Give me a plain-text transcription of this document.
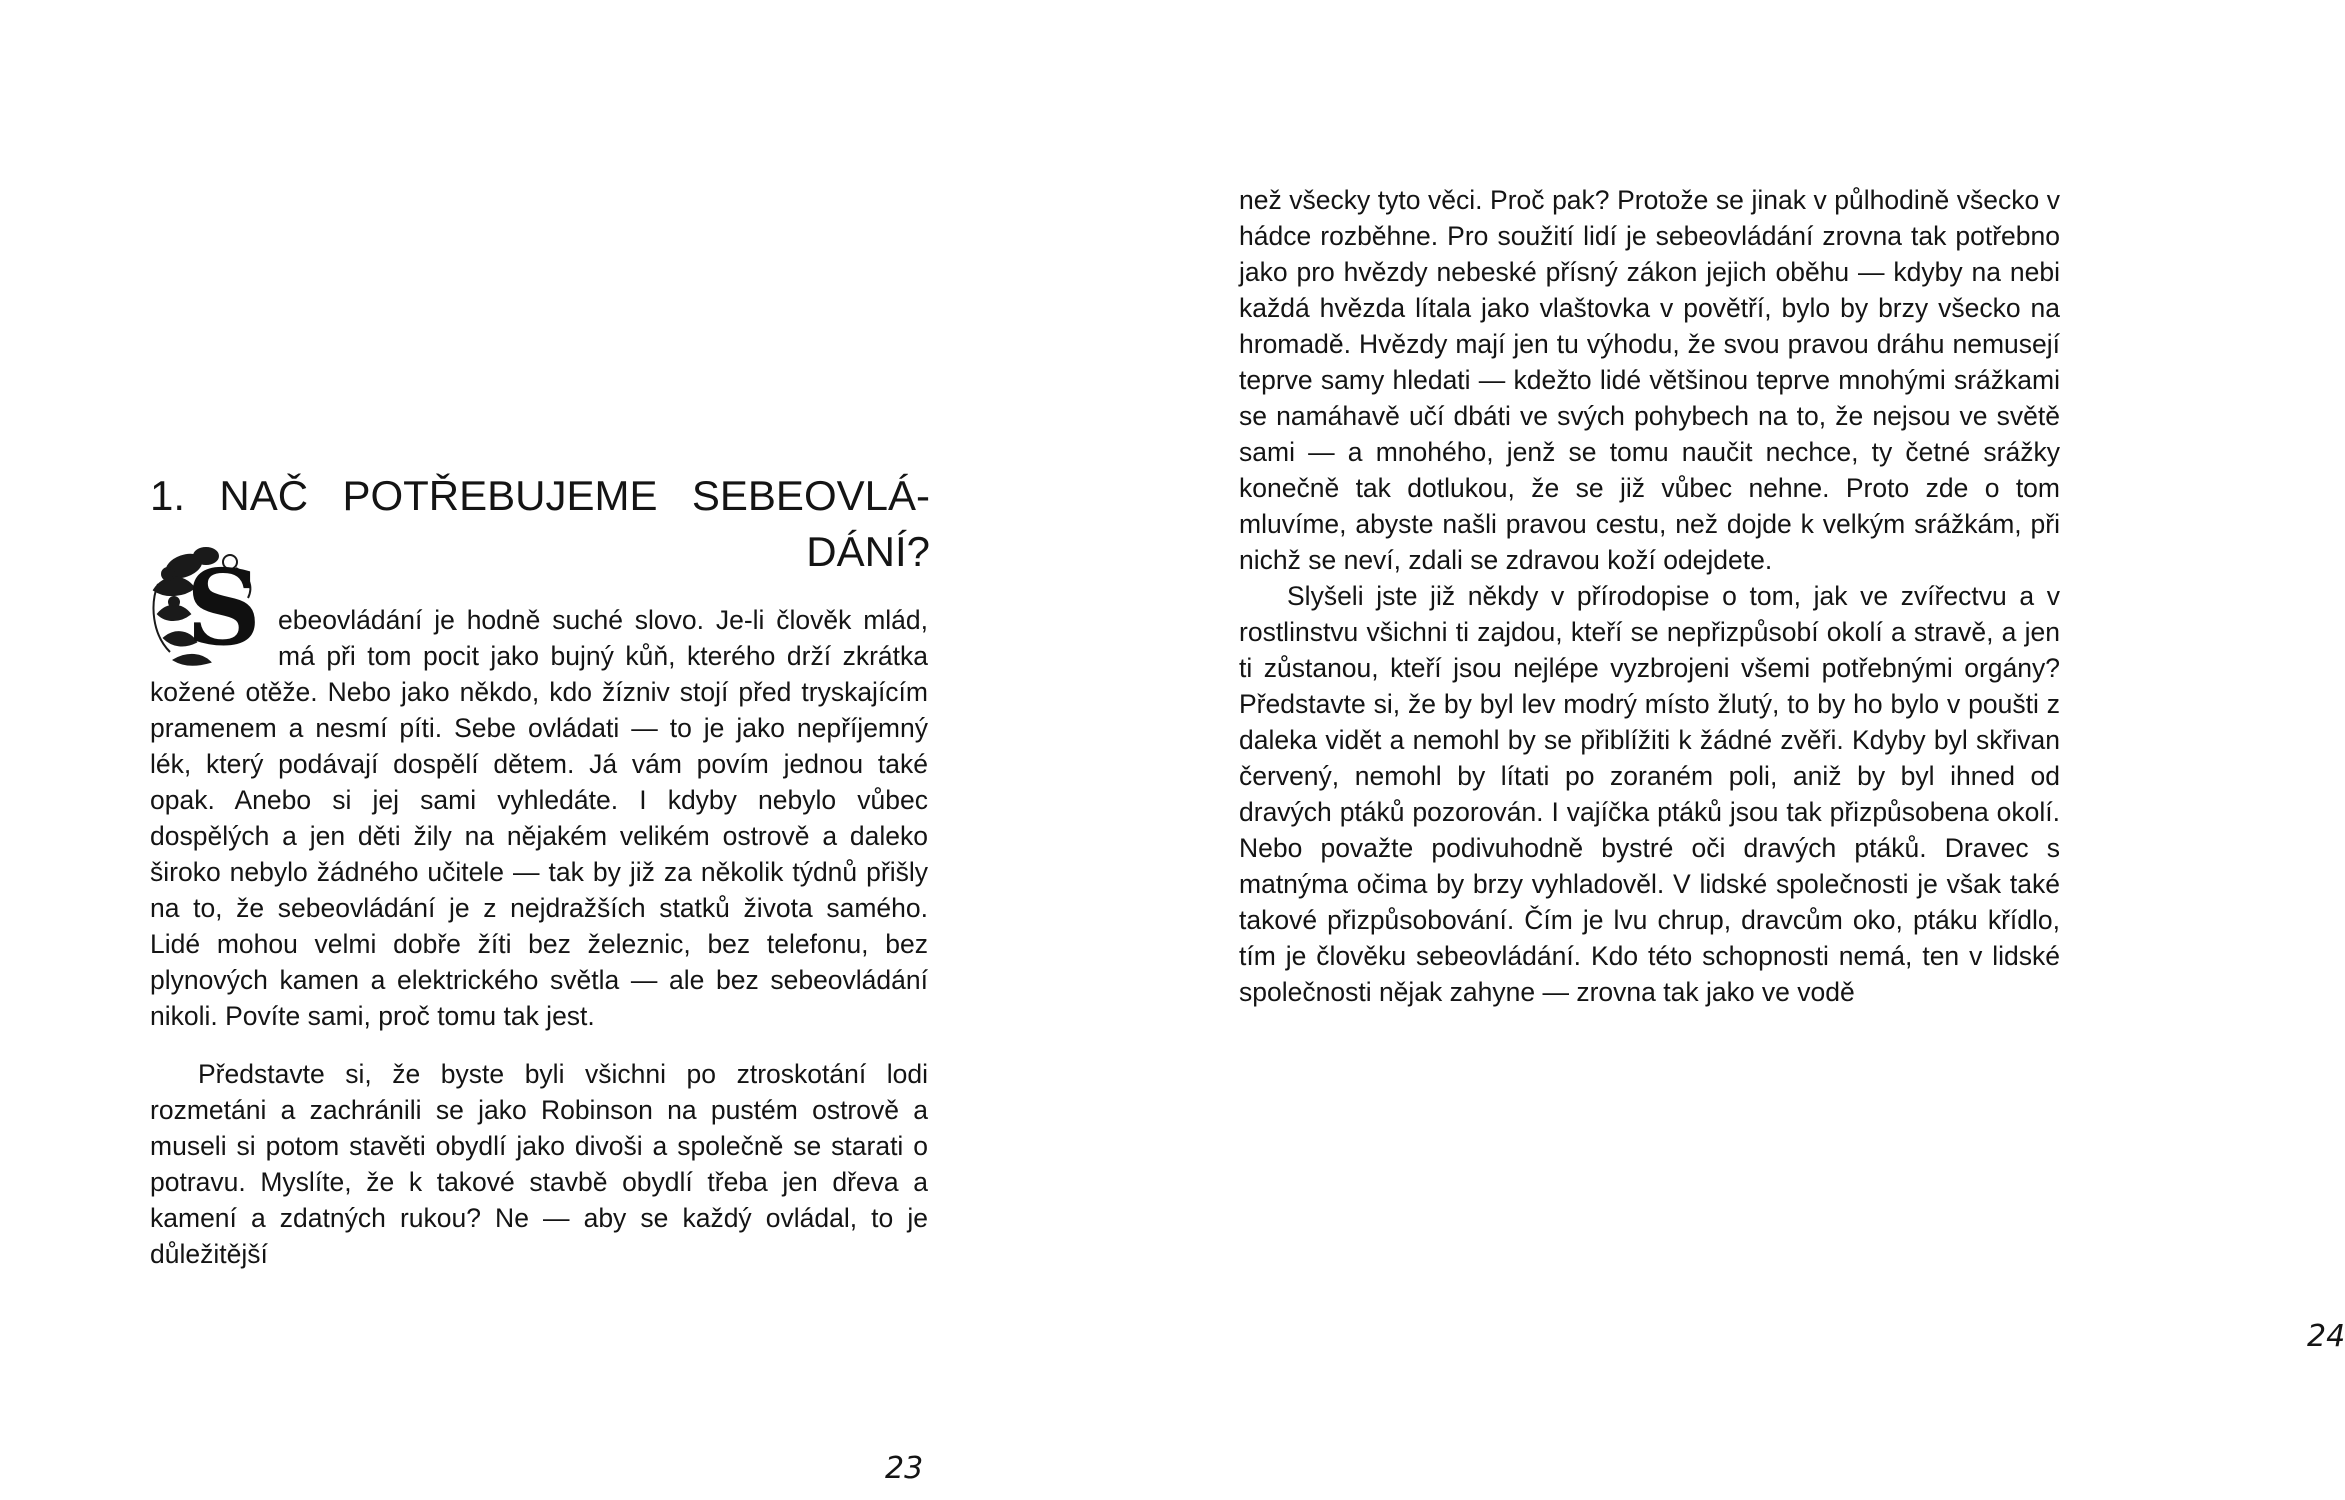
1. NAČ POTŘEBUJEME SEBEOVLÁ-DÁNÍ?

S ebeovládání je hodně suché slovo. Je-li člověk mlád, má při tom pocit jako bujný kůň, kterého drží zkrátka kožené otěže. Nebo jako někdo, kdo žízniv stojí před tryskajícím pramenem a nesmí píti. Sebe ovládati — to je jako nepříjemný lék, který podávají dospělí dětem. Já vám povím jednou také opak. Anebo si jej sami vyhledáte. I kdyby nebylo vůbec dospělých a jen děti žily na nějakém velikém ostrově a daleko široko nebylo žádného učitele — tak by již za několik týdnů přišly na to, že sebeovládání je z nejdražších statků života samého. Lidé mohou velmi dobře žíti bez železnic, bez telefonu, bez plynových kamen a elektrického světla — ale bez sebeovládání nikoli. Povíte sami, proč tomu tak jest.

Představte si, že byste byli všichni po ztroskotání lodi rozmetáni a zachránili se jako Robinson na pustém ostrově a museli si potom stavěti obydlí jako divoši a společně se starati o potravu. Myslíte, že k takové stavbě obydlí třeba jen dřeva a kamení a zdatných rukou? Ne — aby se každý ovládal, to je důležitější

23

než všecky tyto věci. Proč pak? Protože se jinak v půlhodině všecko v hádce rozběhne. Pro soužití lidí je sebeovládání zrovna tak potřebno jako pro hvězdy nebeské přísný zákon jejich oběhu — kdyby na nebi každá hvězda lítala jako vlaštovka v povětří, bylo by brzy všecko na hromadě. Hvězdy mají jen tu výhodu, že svou pravou dráhu nemusejí teprve samy hledati — kdežto lidé většinou teprve mnohými srážkami se namáhavě učí dbáti ve svých pohybech na to, že nejsou ve světě sami — a mnohého, jenž se tomu naučit nechce, ty četné srážky konečně tak dotlukou, že se již vůbec nehne. Proto zde o tom mluvíme, abyste našli pravou cestu, než dojde k velkým srážkám, při nichž se neví, zdali se zdravou koží odejdete.

Slyšeli jste již někdy v přírodopise o tom, jak ve zvířectvu a v rostlinstvu všichni ti zajdou, kteří se nepřizpůsobí okolí a stravě, a jen ti zůstanou, kteří jsou nejlépe vyzbrojeni všemi potřebnými orgány? Představte si, že by byl lev modrý místo žlutý, to by ho bylo v poušti z daleka vidět a nemohl by se přiblížiti k žádné zvěři. Kdyby byl skřivan červený, nemohl by lítati po zoraném poli, aniž by byl ihned od dravých ptáků pozorován. I vajíčka ptáků jsou tak přizpůsobena okolí. Nebo považte podivuhodně bystré oči dravých ptáků. Dravec s matnýma očima by brzy vyhladověl. V lidské společnosti je však také takové přizpůsobování. Čím je lvu chrup, dravcům oko, ptáku křídlo, tím je člověku sebeovládání. Kdo této schopnosti nemá, ten v lidské společnosti nějak zahyne — zrovna tak jako ve vodě

24
